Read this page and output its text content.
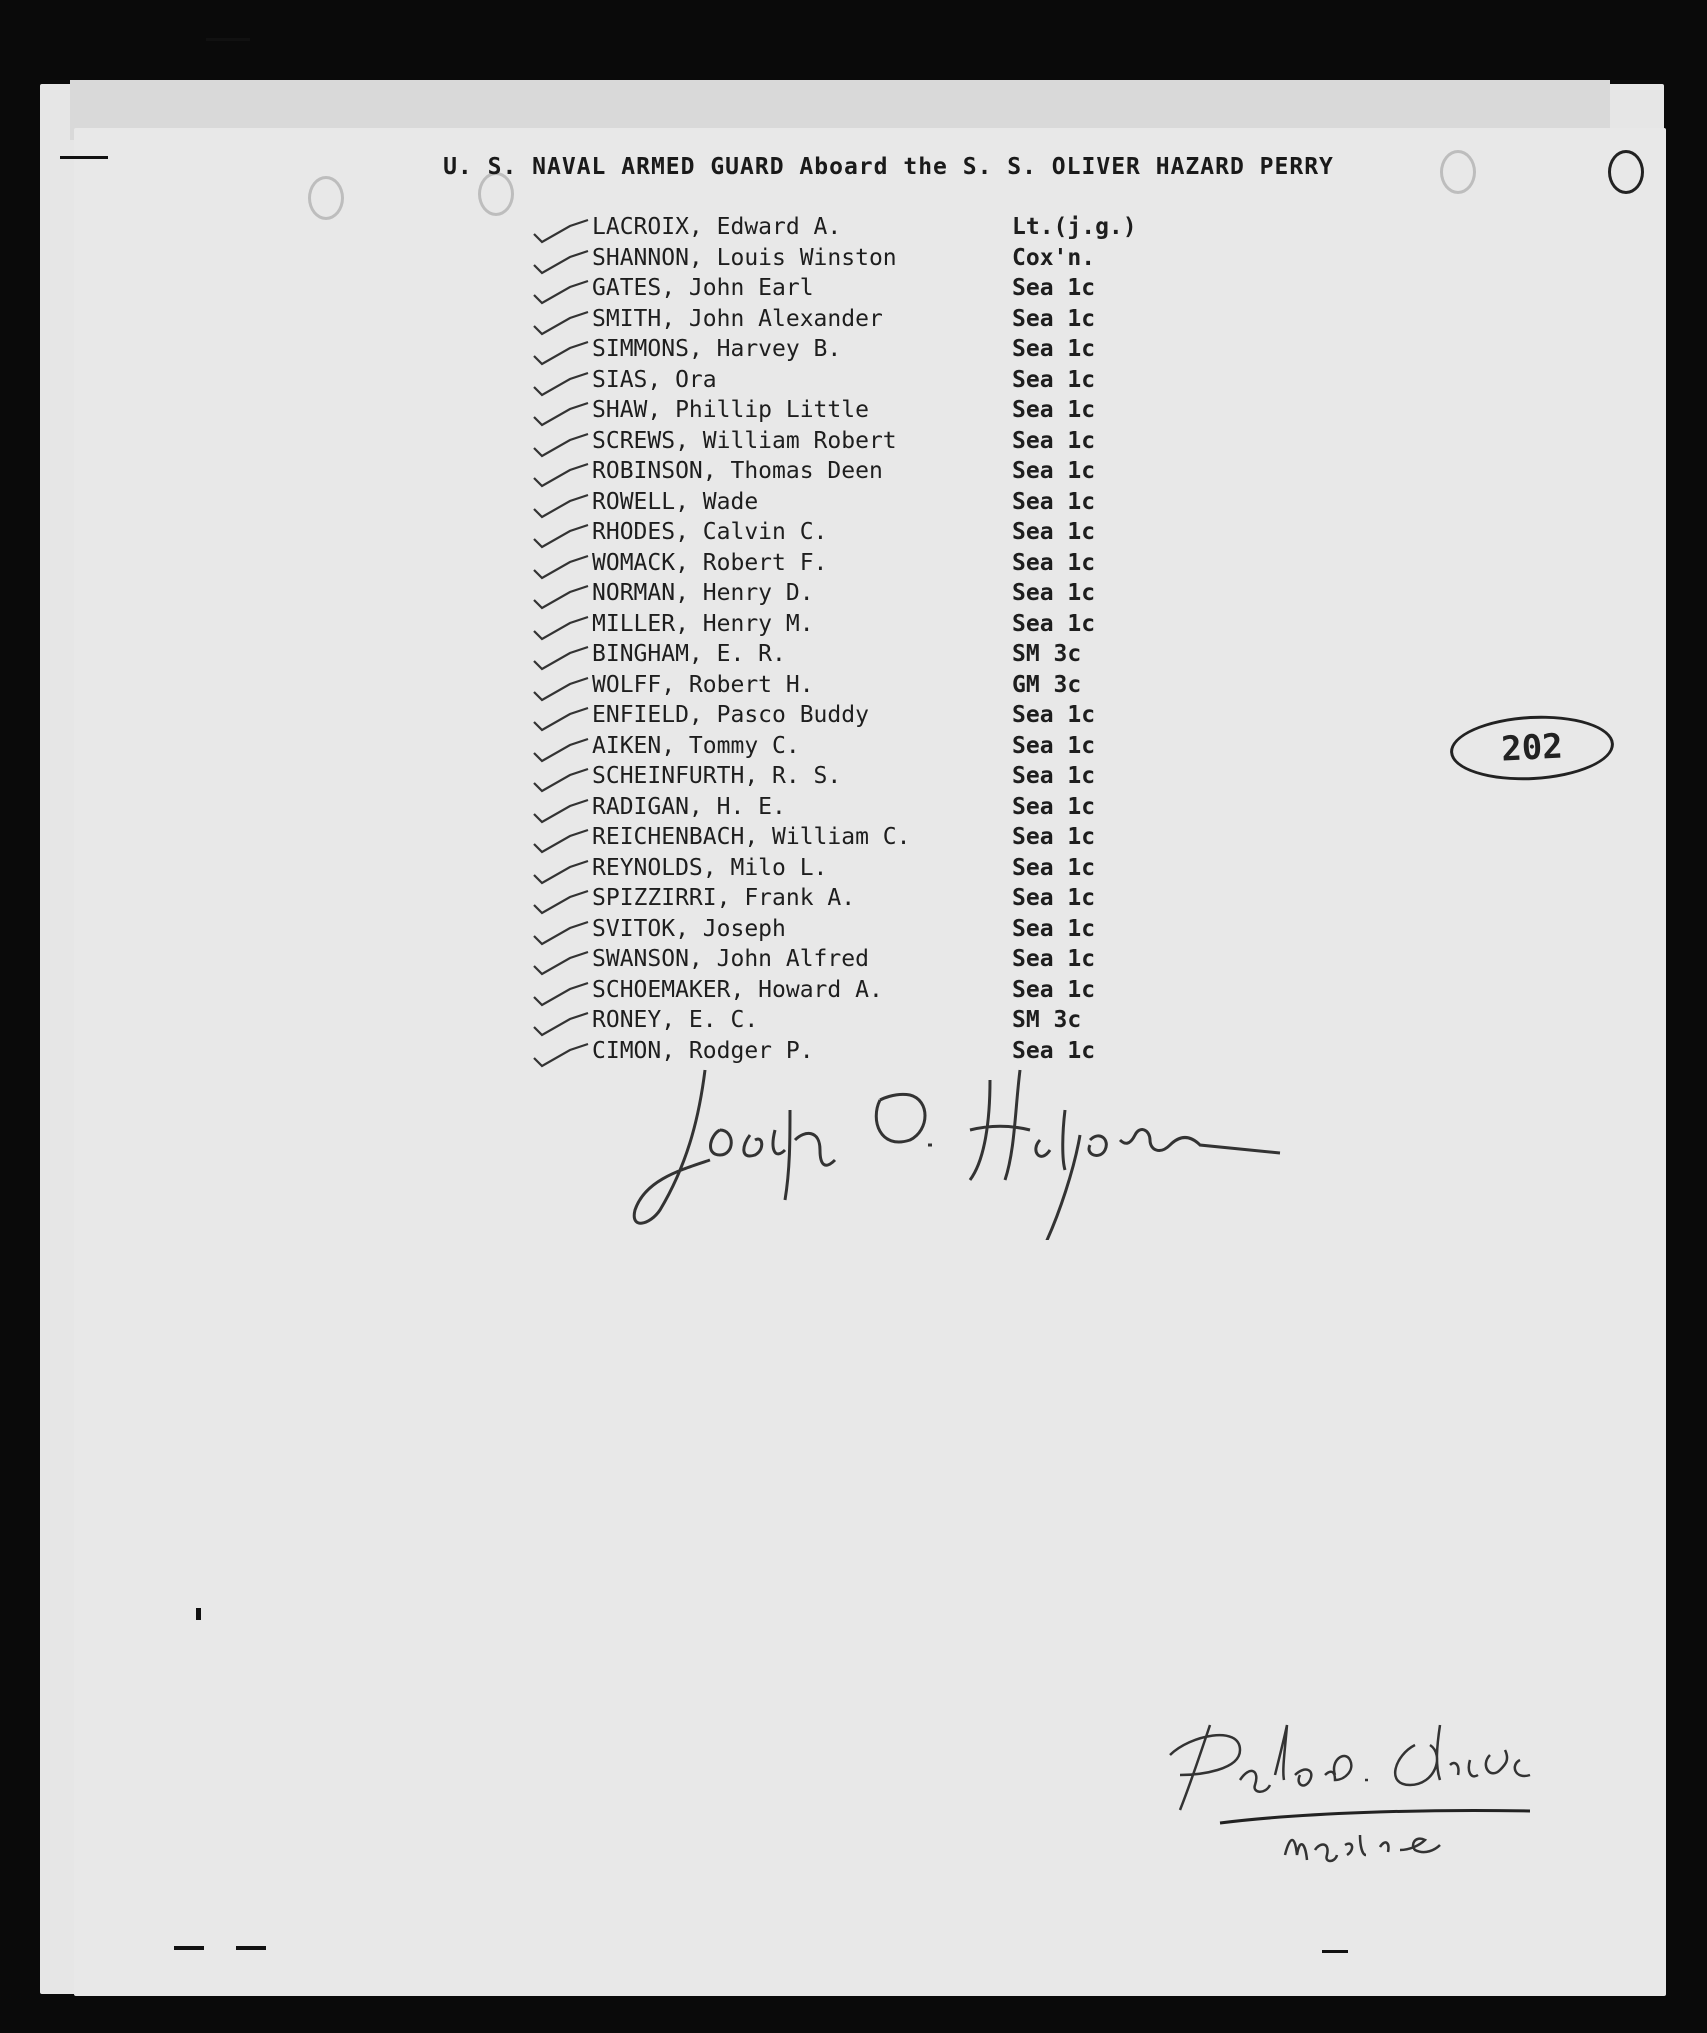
U. S. NAVAL ARMED GUARD Aboard the S. S. OLIVER HAZARD PERRY
LACROIX, Edward A.	Lt.(j.g.)
SHANNON, Louis Winston	Cox'n.
GATES, John Earl	Sea 1c
SMITH, John Alexander	Sea 1c
SIMMONS, Harvey B.	Sea 1c
SIAS, Ora	Sea 1c
SHAW, Phillip Little	Sea 1c
SCREWS, William Robert	Sea 1c
ROBINSON, Thomas Deen	Sea 1c
ROWELL, Wade	Sea 1c
RHODES, Calvin C.	Sea 1c
WOMACK, Robert F.	Sea 1c
NORMAN, Henry D.	Sea 1c
MILLER, Henry M.	Sea 1c
BINGHAM, E. R.	SM 3c
WOLFF, Robert H.	GM 3c
ENFIELD, Pasco Buddy	Sea 1c
AIKEN, Tommy C.	Sea 1c
SCHEINFURTH, R. S.	Sea 1c
RADIGAN, H. E.	Sea 1c
REICHENBACH, William C.	Sea 1c
REYNOLDS, Milo L.	Sea 1c
SPIZZIRRI, Frank A.	Sea 1c
SVITOK, Joseph	Sea 1c
SWANSON, John Alfred	Sea 1c
SCHOEMAKER, Howard A.	Sea 1c
RONEY, E. C.	SM 3c
CIMON, Rodger P.	Sea 1c
202
